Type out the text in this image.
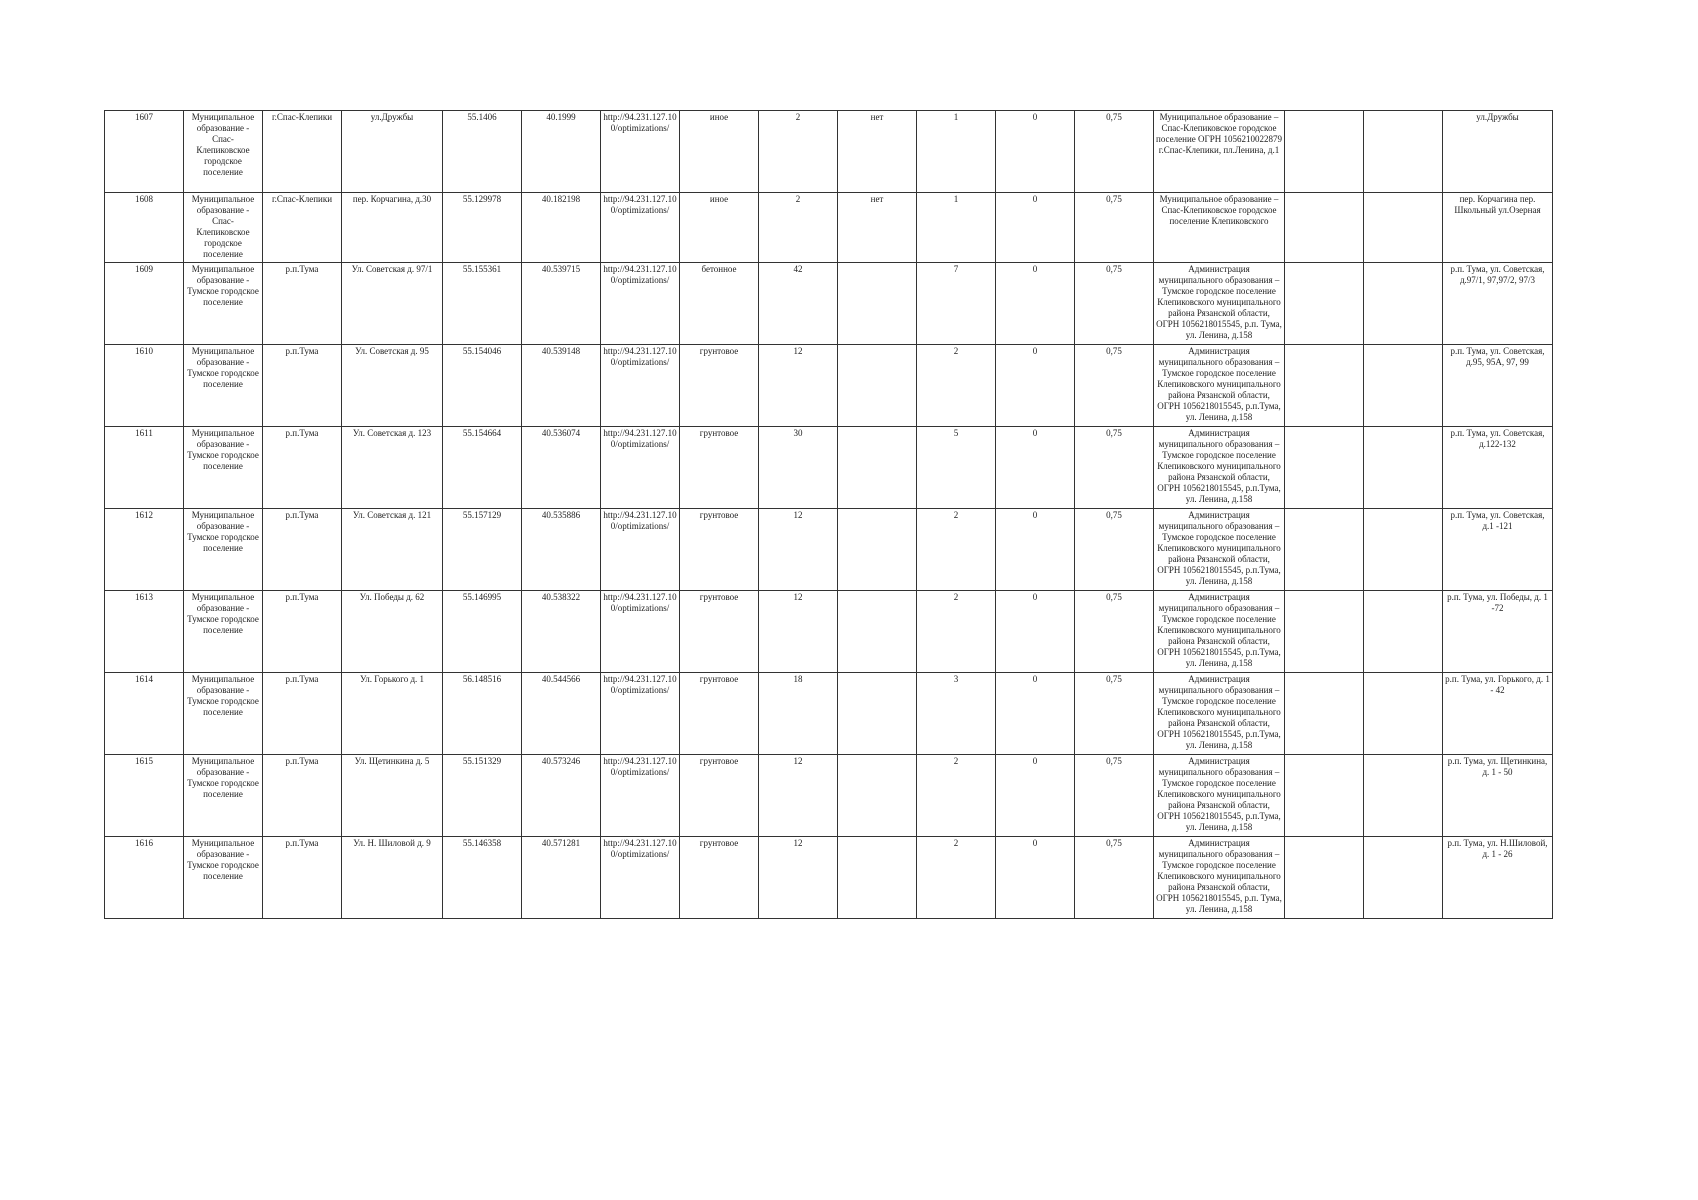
1607	Муниципальное образование - Спас-Клепиковское городское поселение	г.Спас-Клепики	ул.Дружбы	55.1406	40.1999	http://94.231.127.100/optimizations/	иное	2	нет	1	0	0,75	Муниципальное образование – Спас-Клепиковское городское поселение ОГРН 1056210022879 г.Спас-Клепики, пл.Ленина, д.1			ул.Дружбы
1608	Муниципальное образование - Спас-Клепиковское городское поселение	г.Спас-Клепики	пер. Корчагина, д.30	55.129978	40.182198	http://94.231.127.100/optimizations/	иное	2	нет	1	0	0,75	Муниципальное образование – Спас-Клепиковское городское поселение Клепиковского			пер. Корчагина пер. Школьный ул.Озерная
1609	Муниципальное образование - Тумское городское поселение	р.п.Тума	Ул. Советская д. 97/1	55.155361	40.539715	http://94.231.127.100/optimizations/	бетонное	42		7	0	0,75	Администрация муниципального образования – Тумское городское поселение Клепиковского муниципального района Рязанской области, ОГРН 1056218015545, р.п. Тума, ул. Ленина, д.158			р.п. Тума, ул. Советская, д.97/1, 97,97/2, 97/3
1610	Муниципальное образование - Тумское городское поселение	р.п.Тума	Ул. Советская д. 95	55.154046	40.539148	http://94.231.127.100/optimizations/	грунтовое	12		2	0	0,75	Администрация муниципального образования – Тумское городское поселение Клепиковского муниципального района Рязанской области, ОГРН 1056218015545, р.п.Тума, ул. Ленина, д.158			р.п. Тума, ул. Советская, д.95, 95А, 97, 99
1611	Муниципальное образование - Тумское городское поселение	р.п.Тума	Ул. Советская д. 123	55.154664	40.536074	http://94.231.127.100/optimizations/	грунтовое	30		5	0	0,75	Администрация муниципального образования – Тумское городское поселение Клепиковского муниципального района Рязанской области, ОГРН 1056218015545, р.п.Тума, ул. Ленина, д.158			р.п. Тума, ул. Советская, д.122-132
1612	Муниципальное образование - Тумское городское поселение	р.п.Тума	Ул. Советская д. 121	55.157129	40.535886	http://94.231.127.100/optimizations/	грунтовое	12		2	0	0,75	Администрация муниципального образования – Тумское городское поселение Клепиковского муниципального района Рязанской области, ОГРН 1056218015545, р.п.Тума, ул. Ленина, д.158			р.п. Тума, ул. Советская, д.1 -121
1613	Муниципальное образование - Тумское городское поселение	р.п.Тума	Ул. Победы д. 62	55.146995	40.538322	http://94.231.127.100/optimizations/	грунтовое	12		2	0	0,75	Администрация муниципального образования – Тумское городское поселение Клепиковского муниципального района Рязанской области, ОГРН 1056218015545, р.п.Тума, ул. Ленина, д.158			р.п. Тума, ул. Победы, д. 1 -72
1614	Муниципальное образование - Тумское городское поселение	р.п.Тума	Ул. Горького д. 1	56.148516	40.544566	http://94.231.127.100/optimizations/	грунтовое	18		3	0	0,75	Администрация муниципального образования – Тумское городское поселение Клепиковского муниципального района Рязанской области, ОГРН 1056218015545, р.п.Тума, ул. Ленина, д.158			р.п. Тума, ул. Горького, д. 1 - 42
1615	Муниципальное образование - Тумское городское поселение	р.п.Тума	Ул. Щетинкина д. 5	55.151329	40.573246	http://94.231.127.100/optimizations/	грунтовое	12		2	0	0,75	Администрация муниципального образования – Тумское городское поселение Клепиковского муниципального района Рязанской области, ОГРН 1056218015545, р.п.Тума, ул. Ленина, д.158			р.п. Тума, ул. Щетинкина, д. 1 - 50
1616	Муниципальное образование - Тумское городское поселение	р.п.Тума	Ул. Н. Шиловой д. 9	55.146358	40.571281	http://94.231.127.100/optimizations/	грунтовое	12		2	0	0,75	Администрация муниципального образования – Тумское городское поселение Клепиковского муниципального района Рязанской области, ОГРН 1056218015545, р.п. Тума, ул. Ленина, д.158			р.п. Тума, ул. Н.Шиловой, д. 1 - 26
